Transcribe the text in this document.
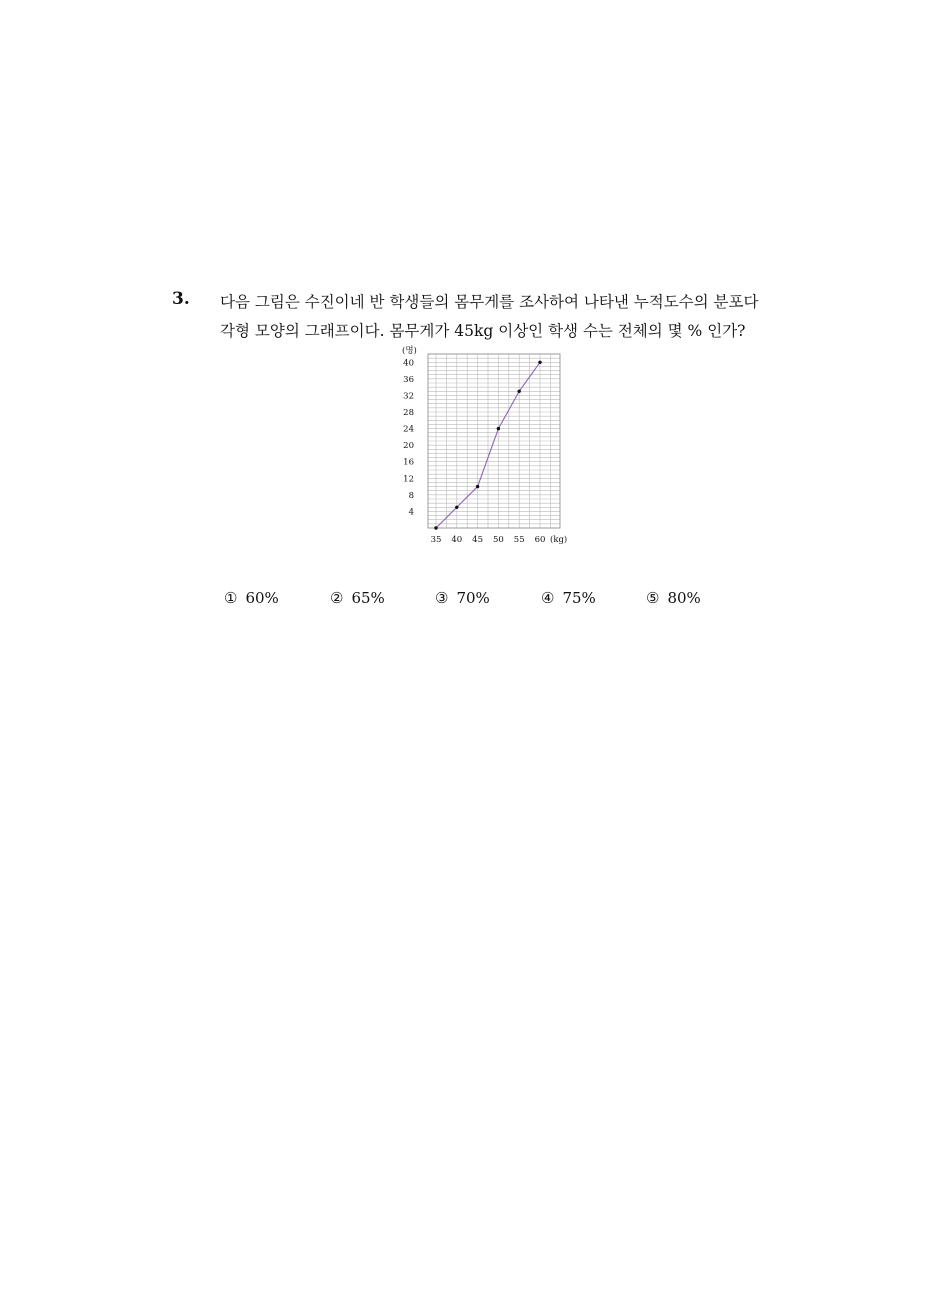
3. 다음 그림은 수진이네 반 학생들의 몸무게를 조사하여 나타낸 누적도수의 분포다
각형 모양의 그래프이다. 몸무게가 45kg 이상인 학생 수는 전체의 몇 % 인가?
4
8
12
16
20
24
28
32
36
40
(명)
35 40 45 50 55 60 (kg)
① 60%	② 65%	③ 70%	④ 75%	⑤ 80%
